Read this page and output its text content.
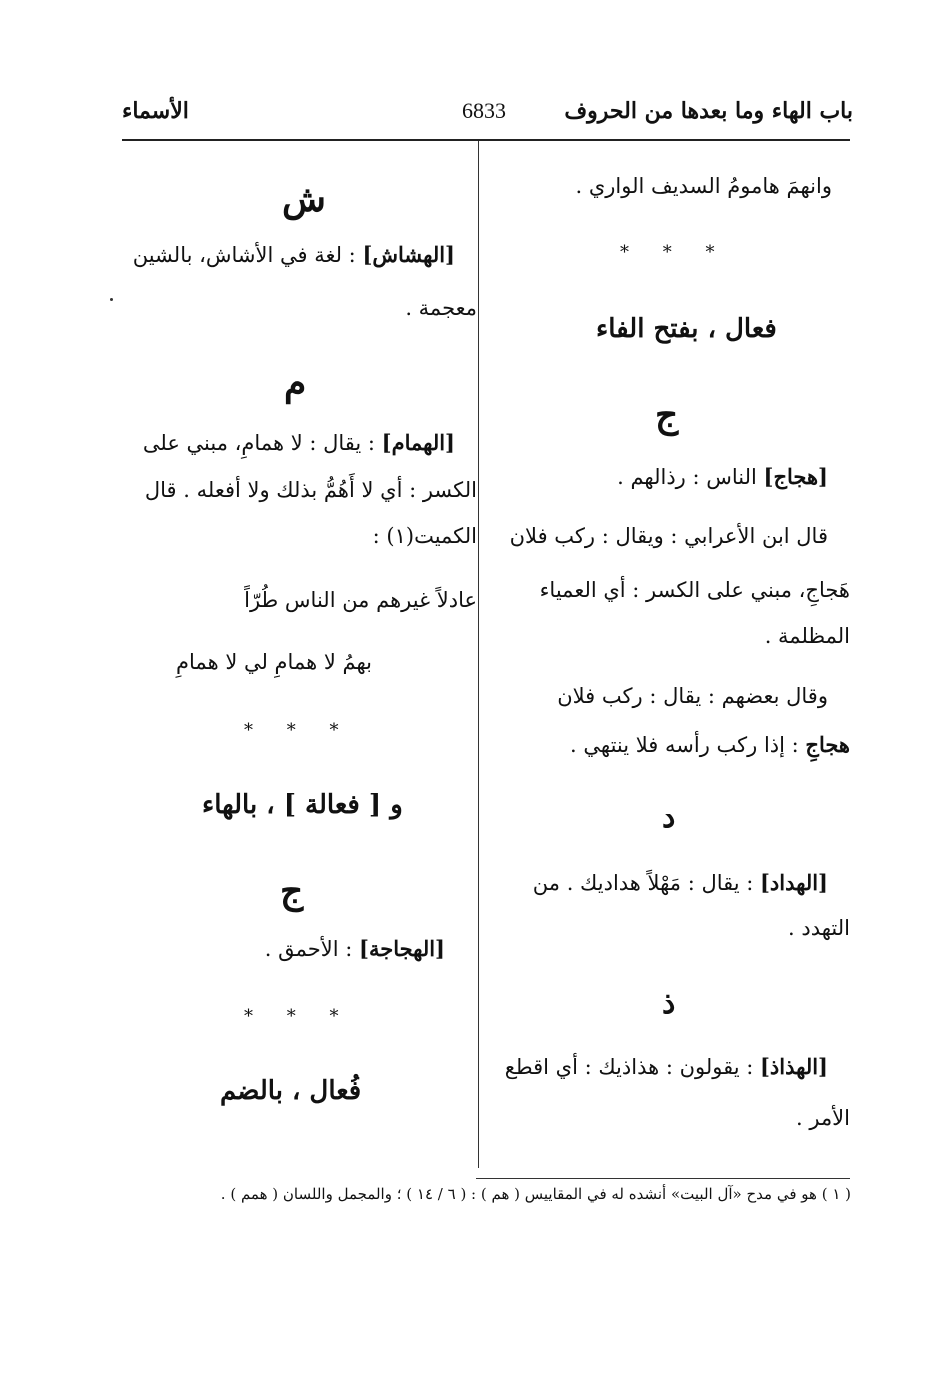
باب الهاء وما بعدها من الحروف
6833
الأسماء
وانهمَ هامومُ السديف الواري .
* * *
فعال ، بفتح الفاء
ج
[هجاج] الناس : رذالهم .
قال ابن الأعرابي : ويقال : ركب فلان
هَجاجِ، مبني على الكسر : أي العمياء
المظلمة .
وقال بعضهم : يقال : ركب فلان
هجاجِ : إذا ركب رأسه فلا ينتهي .
د
[الهداد] : يقال : مَهْلاً هداديك . من
التهدد .
ذ
[الهذاذ] : يقولون : هذاذيك : أي اقطع
الأمر .
ش
[الهشاش] : لغة في الأشاش، بالشين
معجمة .
م
[الهمام] : يقال : لا همامِ، مبني على
الكسر : أي لا أَهُمُّ بذلك ولا أفعله . قال
الكميت(١) :
عادلاً غيرهم من الناس طُرّاً
بهمُ لا همامِ لي لا همامِ
* * *
و [ فعالة ] ، بالهاء
ج
[الهجاجة] : الأحمق .
* * *
فُعال ، بالضم
( ١ ) هو في مدح «آل البيت» أنشده له في المقاييس ( هم ) : ( ٦ / ١٤ ) ؛ والمجمل واللسان ( همم ) .
